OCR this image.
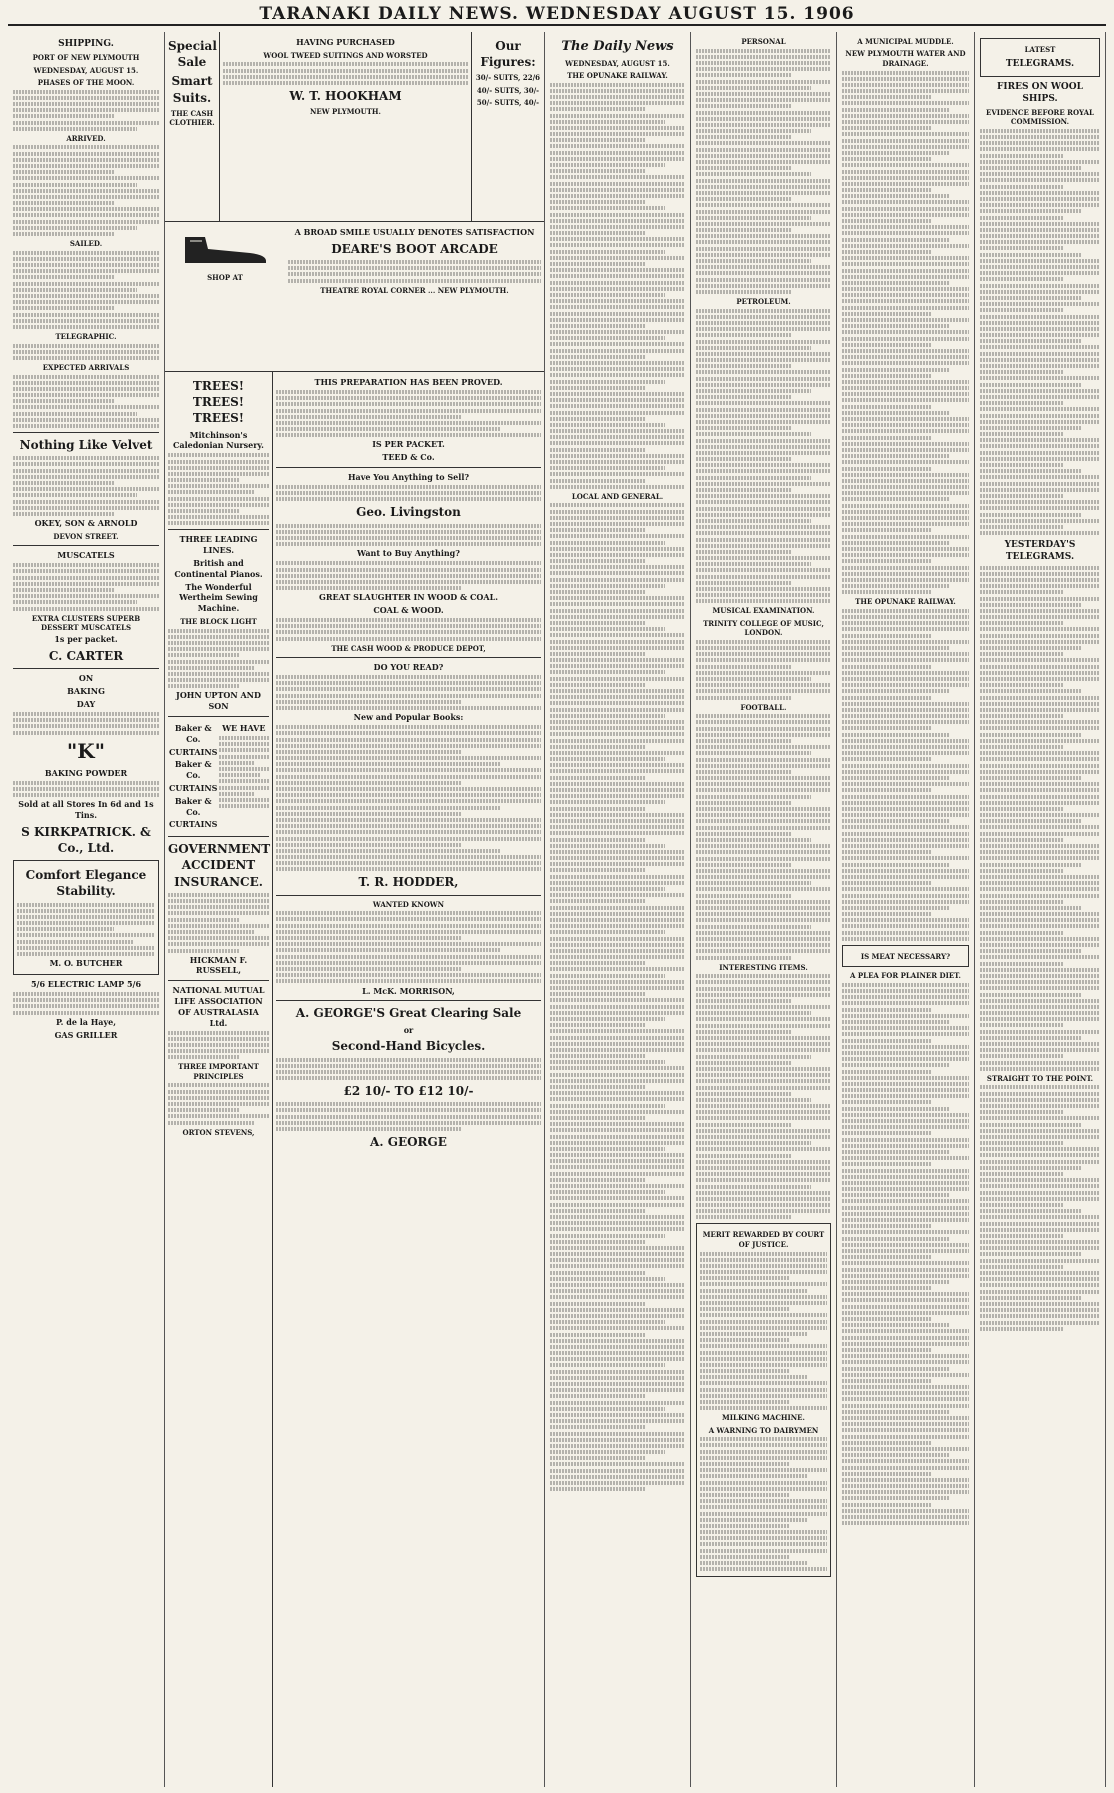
TARANAKI DAILY NEWS. WEDNESDAY AUGUST 15. 1906
SHIPPING.
PORT OF NEW PLYMOUTH
WEDNESDAY, AUGUST 15.
PHASES OF THE MOON.
ARRIVED.
SAILED.
TELEGRAPHIC.
EXPECTED ARRIVALS
Nothing Like Velvet
OKEY, SON & ARNOLD
DEVON STREET.
MUSCATELS
EXTRA CLUSTERS SUPERB DESSERT MUSCATELS
1s per packet.
C. CARTER
ON
BAKING
DAY
"K"
BAKING POWDER
Sold at all Stores In 6d and 1s Tins.
S KIRKPATRICK. & Co., Ltd.
Comfort Elegance Stability.
M. O. BUTCHER
5/6 ELECTRIC LAMP 5/6
P. de la Haye,
GAS GRILLER
Special Sale
Smart Suits.
THE CASH CLOTHIER.
HAVING PURCHASED
WOOL TWEED SUITINGS AND WORSTED
W. T. HOOKHAM
NEW PLYMOUTH.
Our Figures:
30/- SUITS, 22/6
40/- SUITS, 30/-
50/- SUITS, 40/-
SHOP AT
A BROAD SMILE USUALLY DENOTES SATISFACTION
DEARE'S BOOT ARCADE
THEATRE ROYAL CORNER ... NEW PLYMOUTH.
TREES! TREES! TREES!
Mitchinson's Caledonian Nursery.
THREE LEADING LINES.
British and Continental Pianos.
The Wonderful Wertheim Sewing Machine.
THE BLOCK LIGHT
JOHN UPTON AND SON
Baker & Co.
CURTAINS
Baker & Co.
CURTAINS
Baker & Co.
CURTAINS
WE HAVE
GOVERNMENT ACCIDENT INSURANCE.
HICKMAN F. RUSSELL,
NATIONAL MUTUAL LIFE ASSOCIATION OF AUSTRALASIA Ltd.
THREE IMPORTANT PRINCIPLES
ORTON STEVENS,
THIS PREPARATION HAS BEEN PROVED.
IS PER PACKET.
TEED & Co.
Have You Anything to Sell?
Geo. Livingston
Want to Buy Anything?
GREAT SLAUGHTER IN WOOD & COAL.
COAL & WOOD.
THE CASH WOOD & PRODUCE DEPOT,
DO YOU READ?
New and Popular Books:
T. R. HODDER,
WANTED KNOWN
L. McK. MORRISON,
A. GEORGE'S Great Clearing Sale
or
Second-Hand Bicycles.
£2 10/- TO £12 10/-
A. GEORGE
The Daily News
WEDNESDAY, AUGUST 15.
THE OPUNAKE RAILWAY.
LOCAL AND GENERAL.
PERSONAL
PETROLEUM.
MUSICAL EXAMINATION.
TRINITY COLLEGE OF MUSIC, LONDON.
FOOTBALL.
INTERESTING ITEMS.
MERIT REWARDED BY COURT OF JUSTICE.
MILKING MACHINE.
A WARNING TO DAIRYMEN
A MUNICIPAL MUDDLE.
NEW PLYMOUTH WATER AND DRAINAGE.
THE OPUNAKE RAILWAY.
IS MEAT NECESSARY?
A PLEA FOR PLAINER DIET.
LATEST
TELEGRAMS.
FIRES ON WOOL SHIPS.
EVIDENCE BEFORE ROYAL COMMISSION.
YESTERDAY'S TELEGRAMS.
STRAIGHT TO THE POINT.
